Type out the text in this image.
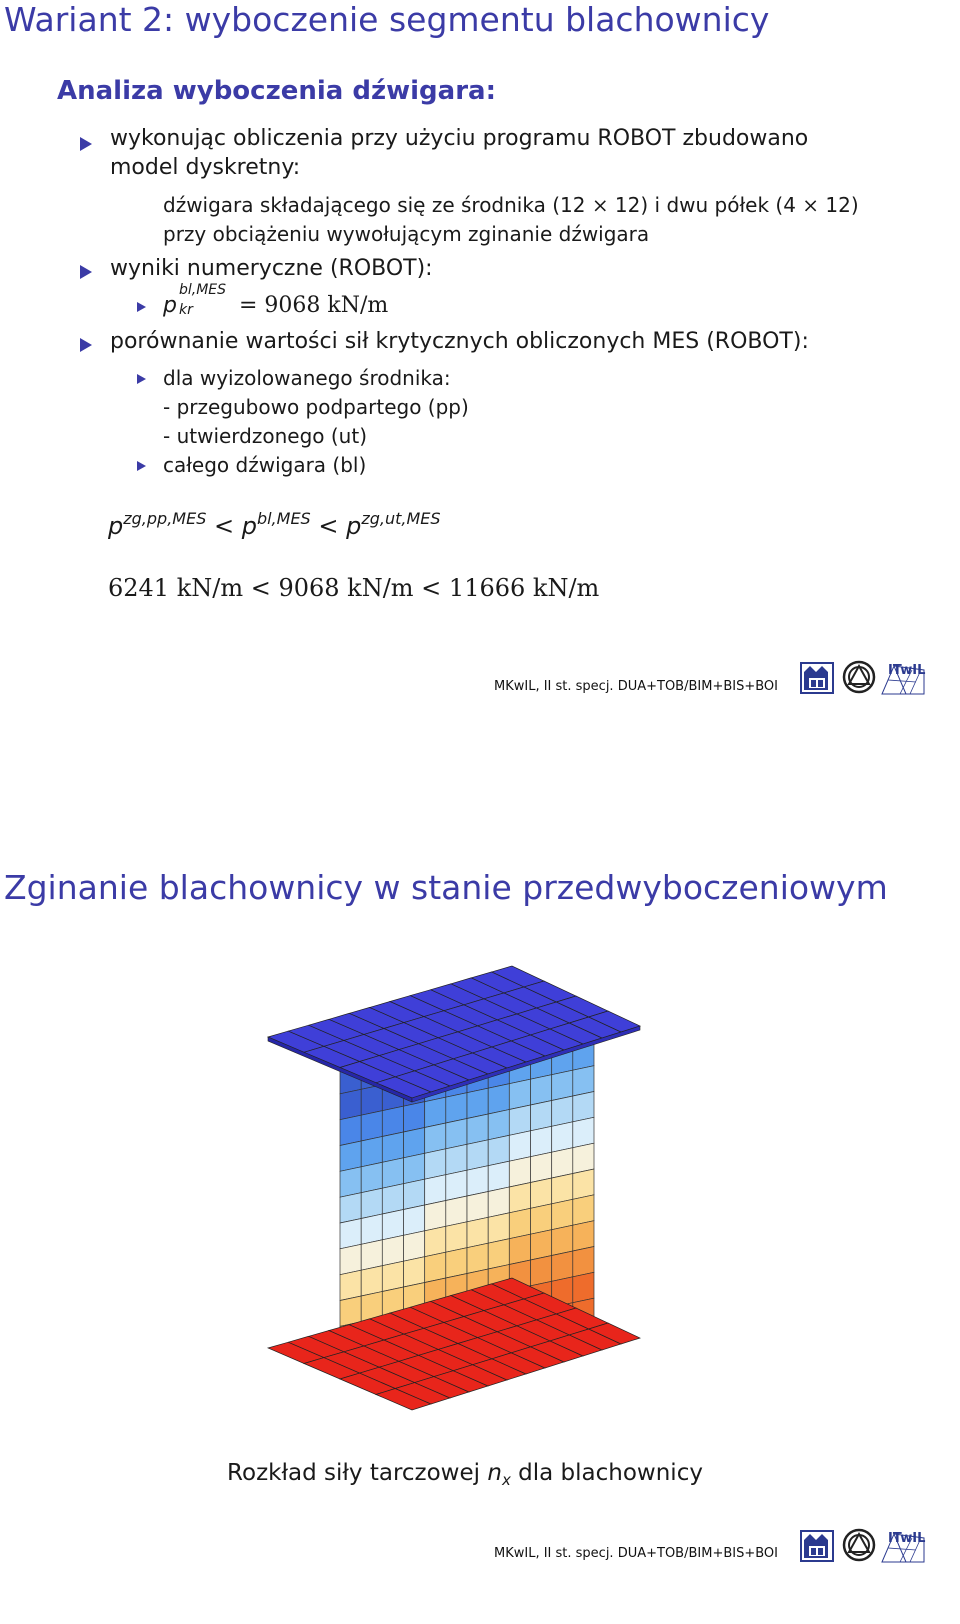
Wariant 2: wyboczenie segmentu blachownicy
Analiza wyboczenia dźwigara:
wykonując obliczenia przy użyciu programu ROBOT zbudowano
model dyskretny:
dźwigara składającego się ze środnika (12 × 12) i dwu półek (4 × 12)
przy obciążeniu wywołującym zginanie dźwigara
wyniki numeryczne (ROBOT):
p
bl,MES
kr = 9068 kN/m
porównanie wartości sił krytycznych obliczonych MES (ROBOT):
dla wyizolowanego środnika:
- przegubowo podpartego (pp)
- utwierdzonego (ut)
całego dźwigara (bl)
$p^{zg,pp,MES} < p^{bl,MES} < p^{zg,ut,MES}$
6241 kN/m < 9068 kN/m < 11666 kN/m
MKwIL, II st. specj. DUA+TOB/BIM+BIS+BOI
ITwIL
Zginanie blachownicy w stanie przedwyboczeniowym
Rozkład siły tarczowej $n_x$ dla blachownicy
MKwIL, II st. specj. DUA+TOB/BIM+BIS+BOI
ITwIL
